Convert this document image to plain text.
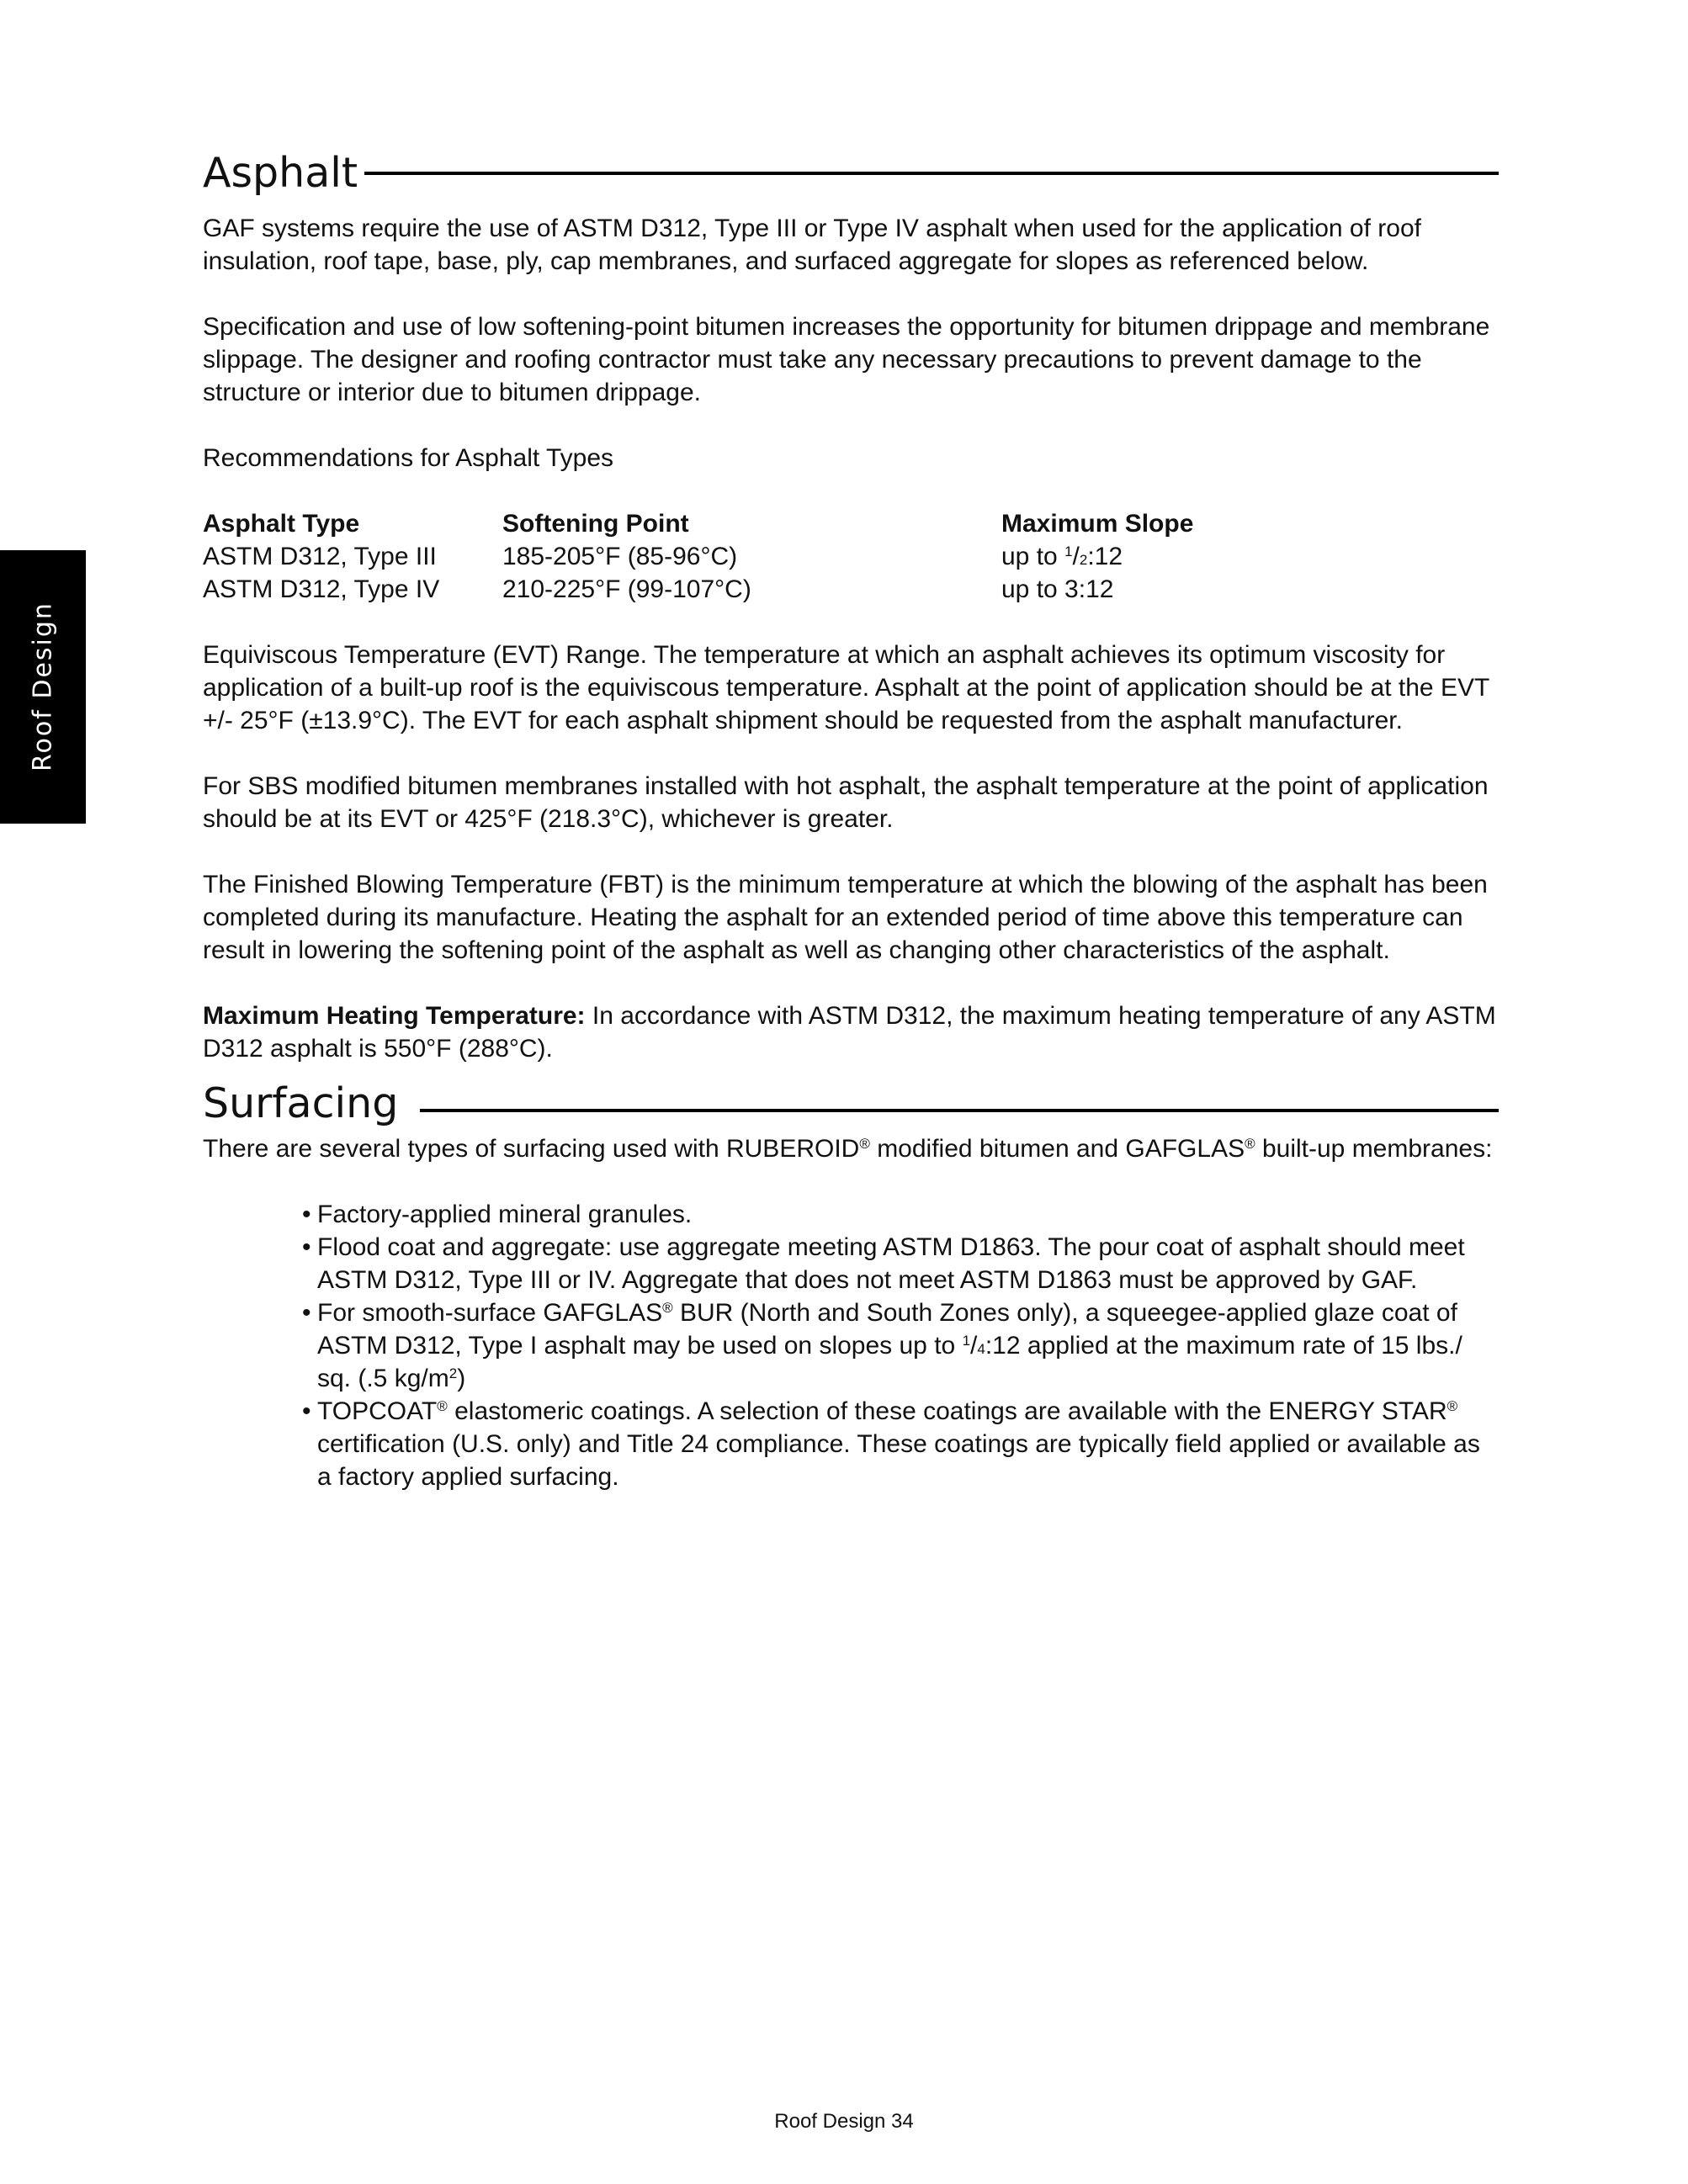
Roof Design
Asphalt

GAF systems require the use of ASTM D312, Type III or Type IV asphalt when used for the application of roof insulation, roof tape, base, ply, cap membranes, and surfaced aggregate for slopes as referenced below.

Specification and use of low softening-point bitumen increases the opportunity for bitumen drippage and membrane slippage. The designer and roofing contractor must take any necessary precautions to prevent damage to the structure or interior due to bitumen drippage.

Recommendations for Asphalt Types

Asphalt Type	Softening Point	Maximum Slope
ASTM D312, Type III	185-205°F (85-96°C)	up to $^1$/2:12
ASTM D312, Type IV	210-225°F (99-107°C)	up to 3:12

Equiviscous Temperature (EVT) Range. The temperature at which an asphalt achieves its optimum viscosity for application of a built-up roof is the equiviscous temperature. Asphalt at the point of application should be at the EVT +/- 25°F (±13.9°C). The EVT for each asphalt shipment should be requested from the asphalt manufacturer.

For SBS modified bitumen membranes installed with hot asphalt, the asphalt temperature at the point of application should be at its EVT or 425°F (218.3°C), whichever is greater.

The Finished Blowing Temperature (FBT) is the minimum temperature at which the blowing of the asphalt has been completed during its manufacture. Heating the asphalt for an extended period of time above this temperature can result in lowering the softening point of the asphalt as well as changing other characteristics of the asphalt.

Maximum Heating Temperature: In accordance with ASTM D312, the maximum heating temperature of any ASTM D312 asphalt is 550°F (288°C).

Surfacing

There are several types of surfacing used with RUBEROID® modified bitumen and GAFGLAS® built-up membranes:

• Factory-applied mineral granules.
• Flood coat and aggregate: use aggregate meeting ASTM D1863. The pour coat of asphalt should meet ASTM D312, Type III or IV. Aggregate that does not meet ASTM D1863 must be approved by GAF.
• For smooth-surface GAFGLAS® BUR (North and South Zones only), a squeegee-applied glaze coat of ASTM D312, Type I asphalt may be used on slopes up to $^1$/4:12 applied at the maximum rate of 15 lbs./ sq. (.5 $kg/m^2$)
• TOPCOAT® elastomeric coatings. A selection of these coatings are available with the ENERGY STAR® certification (U.S. only) and Title 24 compliance. These coatings are typically field applied or available as a factory applied surfacing.
Roof Design 34
